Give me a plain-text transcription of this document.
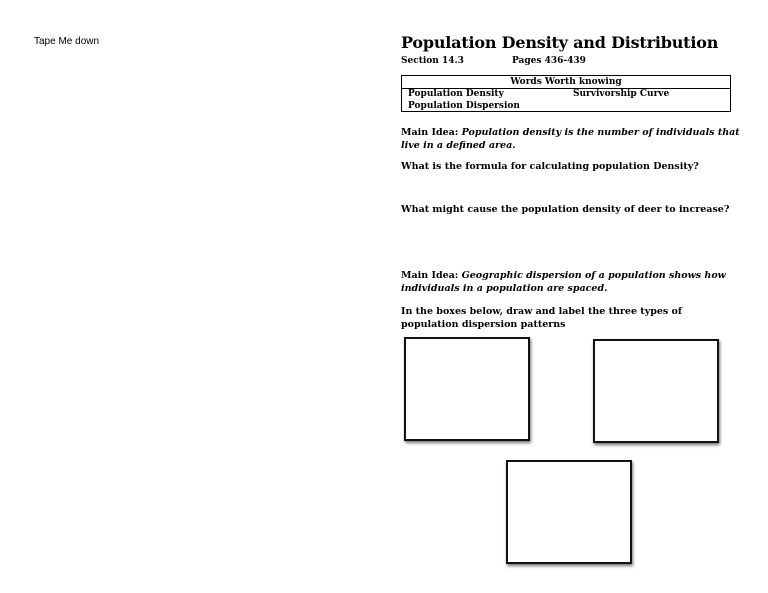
Tape Me down	Population Density and Distribution
Section 14.3	Pages 436-439
Words Worth knowing
Population Density
Population Dispersion
Survivorship Curve
Main Idea: Population density is the number of individuals that live in a defined area.
What is the formula for calculating population Density?
What might cause the population density of deer to increase?
Main Idea: Geographic dispersion of a population shows how individuals in a population are spaced.
In the boxes below, draw and label the three types of population dispersion patterns
